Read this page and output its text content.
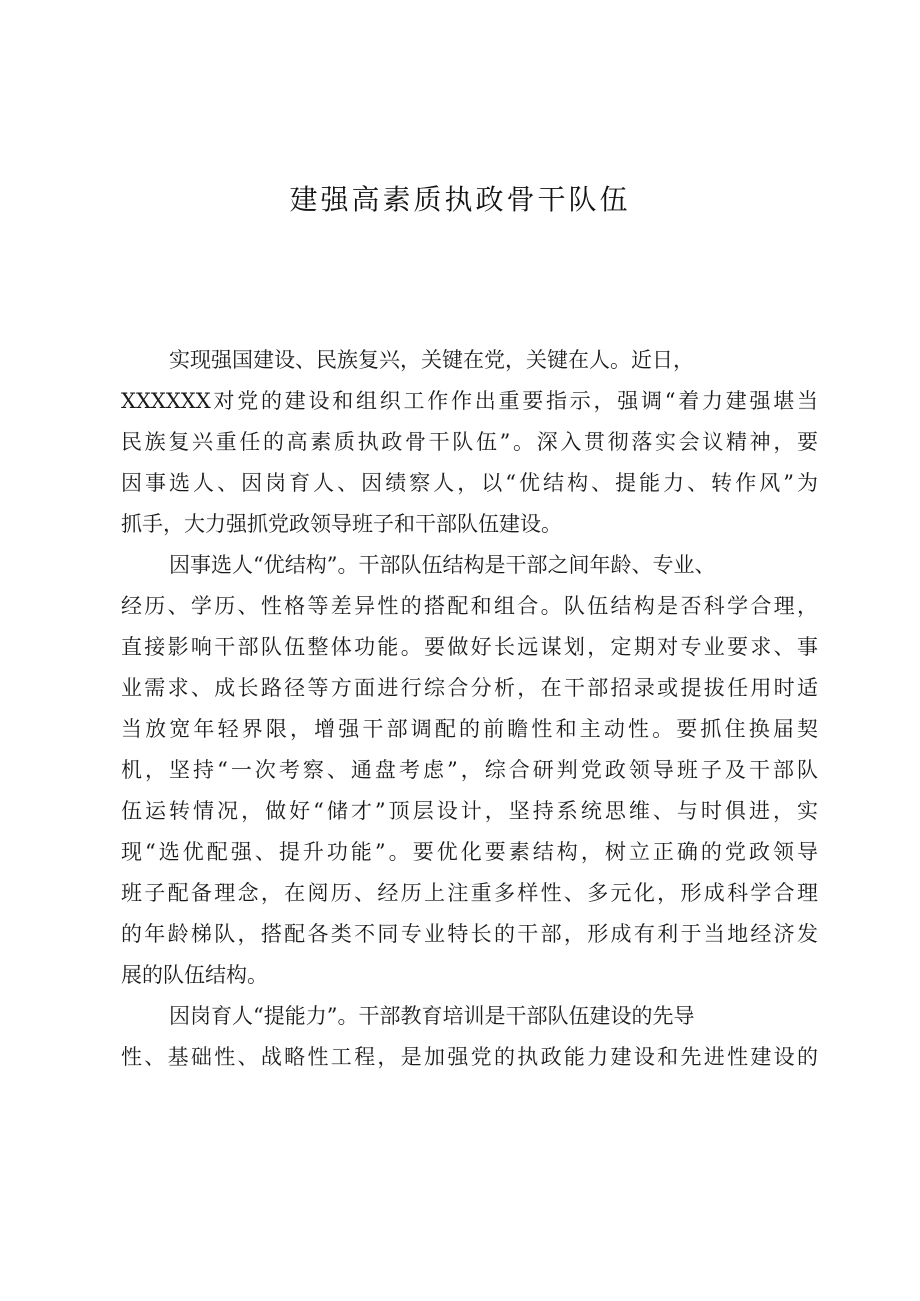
建强高素质执政骨干队伍
实现强国建设、民族复兴，关键在党，关键在人。近日，
XXXXXX对党的建设和组织工作作出重要指示，强调“着力建强堪当
民族复兴重任的高素质执政骨干队伍”。深入贯彻落实会议精神，要
因事选人、因岗育人、因绩察人，以“优结构、提能力、转作风”为
抓手，大力强抓党政领导班子和干部队伍建设。
因事选人“优结构”。干部队伍结构是干部之间年龄、专业、
经历、学历、性格等差异性的搭配和组合。队伍结构是否科学合理，
直接影响干部队伍整体功能。要做好长远谋划，定期对专业要求、事
业需求、成长路径等方面进行综合分析，在干部招录或提拔任用时适
当放宽年轻界限，增强干部调配的前瞻性和主动性。要抓住换届契
机，坚持“一次考察、通盘考虑”，综合研判党政领导班子及干部队
伍运转情况，做好“储才”顶层设计，坚持系统思维、与时俱进，实
现“选优配强、提升功能”。要优化要素结构，树立正确的党政领导
班子配备理念，在阅历、经历上注重多样性、多元化，形成科学合理
的年龄梯队，搭配各类不同专业特长的干部，形成有利于当地经济发
展的队伍结构。
因岗育人“提能力”。干部教育培训是干部队伍建设的先导
性、基础性、战略性工程，是加强党的执政能力建设和先进性建设的
